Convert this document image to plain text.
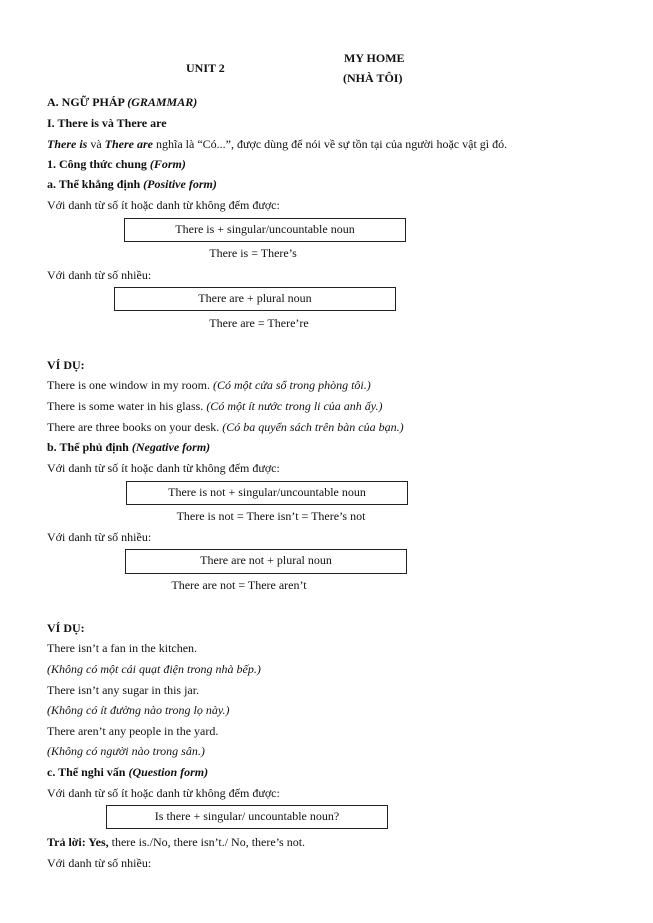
UNIT 2
MY HOME
(NHÀ TÔI)
A. NGỮ PHÁP (GRAMMAR)
I. There is và There are
There is và There are nghĩa là “Có...”, được dùng để nói về sự tồn tại của người hoặc vật gì đó.
1. Công thức chung (Form)
a. Thể khẳng định (Positive form)
Với danh từ số ít hoặc danh từ không đếm được:
There is + singular/uncountable noun
There is = There’s
Với danh từ số nhiều:
There are + plural noun
There are = There’re
VÍ DỤ:
There is one window in my room. (Có một cửa sổ trong phòng tôi.)
There is some water in his glass. (Có một ít nước trong li của anh ấy.)
There are three books on your desk. (Có ba quyển sách trên bàn của bạn.)
b. Thể phủ định (Negative form)
Với danh từ số ít hoặc danh từ không đếm được:
There is not + singular/uncountable noun
There is not = There isn’t = There’s not
Với danh từ số nhiều:
There are not + plural noun
There are not = There aren’t
VÍ DỤ:
There isn’t a fan in the kitchen.
(Không có một cái quạt điện trong nhà bếp.)
There isn’t any sugar in this jar.
(Không có ít đường nào trong lọ này.)
There aren’t any people in the yard.
(Không có người nào trong sân.)
c. Thể nghi vấn (Question form)
Với danh từ số ít hoặc danh từ không đếm được:
Is there + singular/ uncountable noun?
Trả lời: Yes, there is./No, there isn’t./ No, there’s not.
Với danh từ số nhiều:
